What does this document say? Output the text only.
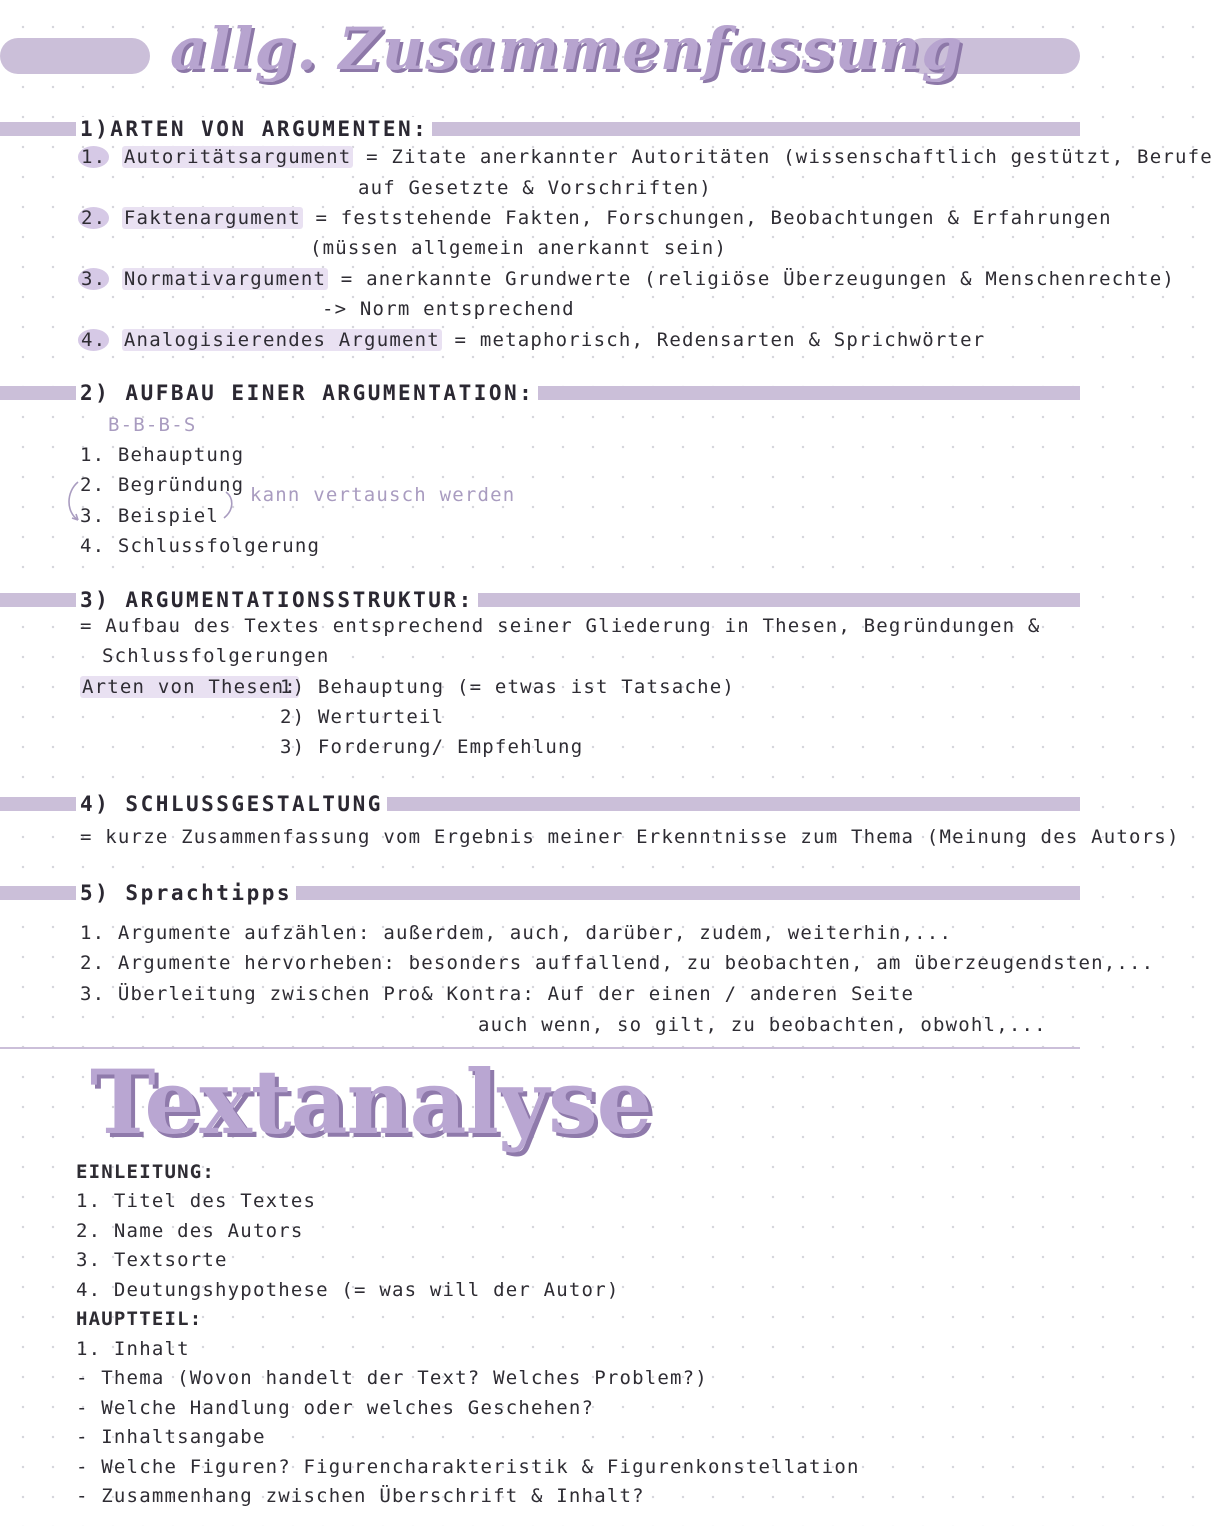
allg. Zusammenfassung
1)ARTEN VON ARGUMENTEN:
1. Autoritätsargument = Zitate anerkannter Autoritäten (wissenschaftlich gestützt, Berufe
auf Gesetzte & Vorschriften)
2. Faktenargument = feststehende Fakten, Forschungen, Beobachtungen & Erfahrungen
(müssen allgemein anerkannt sein)
3. Normativargument = anerkannte Grundwerte (religiöse Überzeugungen & Menschenrechte)
-> Norm entsprechend
4. Analogisierendes Argument = metaphorisch, Redensarten & Sprichwörter
2) AUFBAU EINER ARGUMENTATION:
B-B-B-S
1. Behauptung
2. Begründung
3. Beispiel
4. Schlussfolgerung
kann vertausch werden
3) ARGUMENTATIONSSTRUKTUR:
= Aufbau des Textes entsprechend seiner Gliederung in Thesen, Begründungen &
Schlussfolgerungen
Arten von Thesen:
1) Behauptung (= etwas ist Tatsache)
2) Werturteil
3) Forderung/ Empfehlung
4) SCHLUSSGESTALTUNG
= kurze Zusammenfassung vom Ergebnis meiner Erkenntnisse zum Thema (Meinung des Autors)
5) Sprachtipps
1. Argumente aufzählen: außerdem, auch, darüber, zudem, weiterhin,...
2. Argumente hervorheben: besonders auffallend, zu beobachten, am überzeugendsten,...
3. Überleitung zwischen Pro& Kontra: Auf der einen / anderen Seite
auch wenn, so gilt, zu beobachten, obwohl,...
Textanalyse
EINLEITUNG:
1. Titel des Textes
2. Name des Autors
3. Textsorte
4. Deutungshypothese (= was will der Autor)
HAUPTTEIL:
1. Inhalt
- Thema (Wovon handelt der Text? Welches Problem?)
- Welche Handlung oder welches Geschehen?
- Inhaltsangabe
- Welche Figuren? Figurencharakteristik & Figurenkonstellation
- Zusammenhang zwischen Überschrift & Inhalt?
